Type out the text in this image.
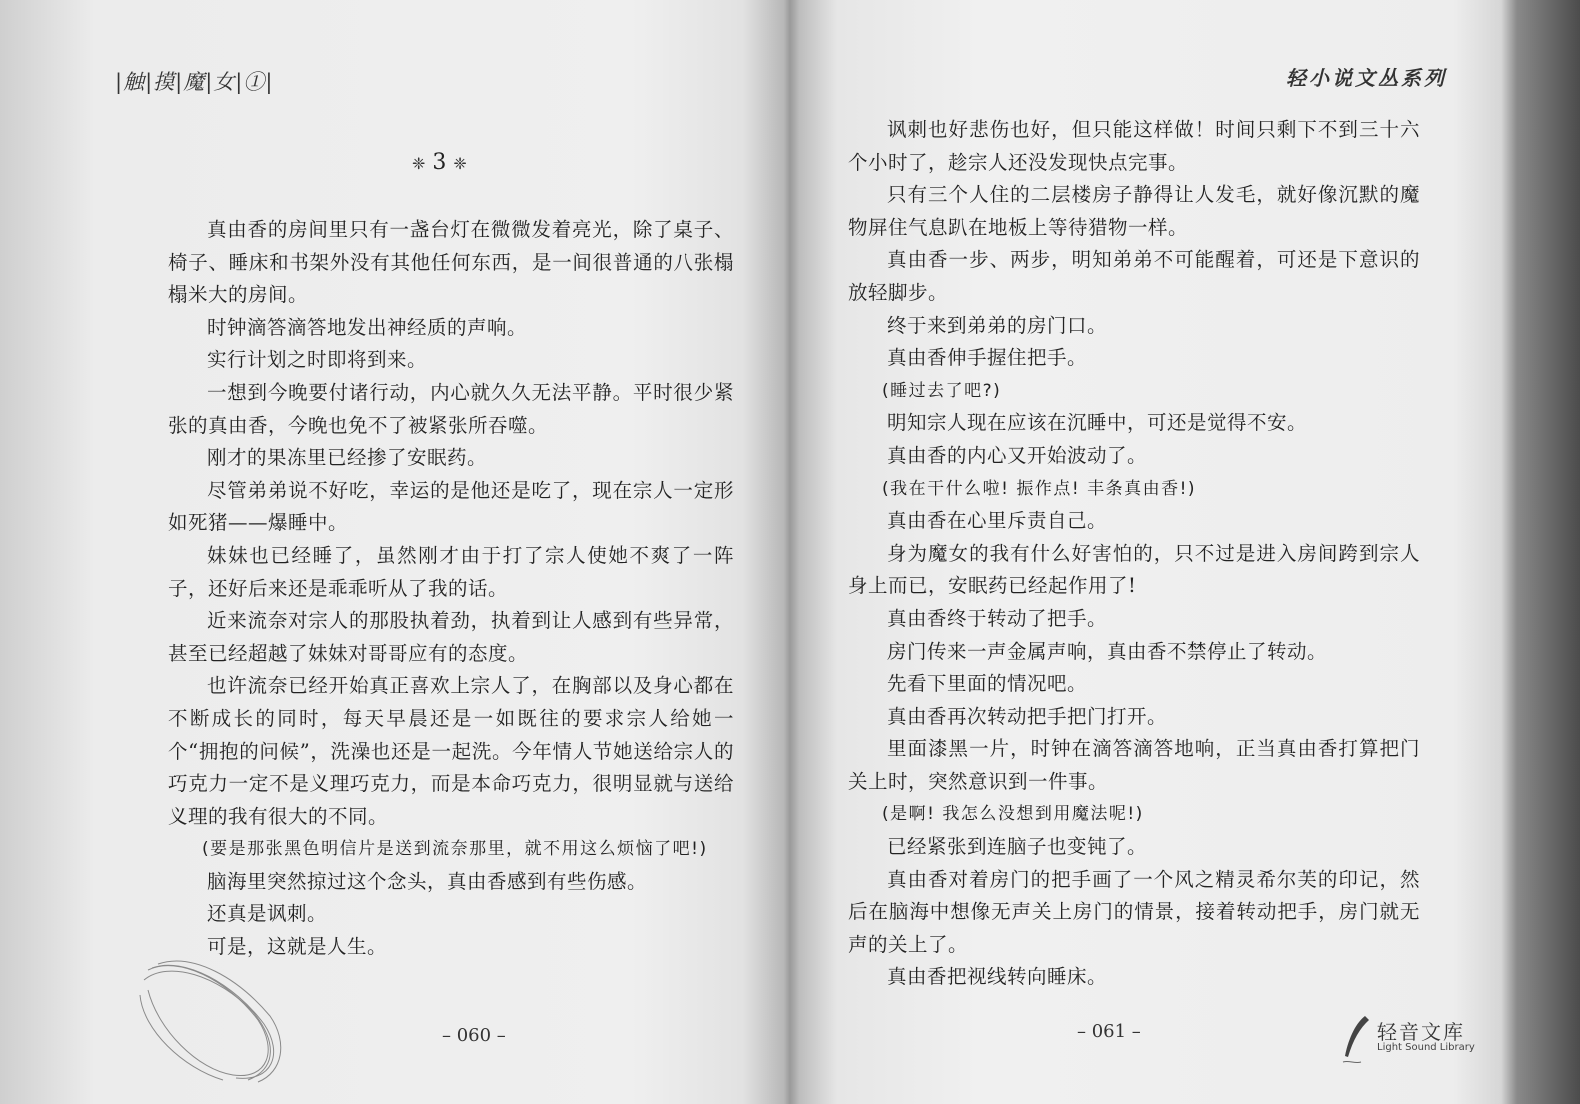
|触|摸|魔|女|①|
❈ 3 ❈

真由香的房间里只有一盏台灯在微微发着亮光，除了桌子、椅子、睡床和书架外没有其他任何东西，是一间很普通的八张榻榻米大的房间。

时钟滴答滴答地发出神经质的声响。

实行计划之时即将到来。

一想到今晚要付诸行动，内心就久久无法平静。平时很少紧张的真由香，今晚也免不了被紧张所吞噬。

刚才的果冻里已经掺了安眠药。

尽管弟弟说不好吃，幸运的是他还是吃了，现在宗人一定形如死猪——爆睡中。

妹妹也已经睡了，虽然刚才由于打了宗人使她不爽了一阵子，还好后来还是乖乖听从了我的话。

近来流奈对宗人的那股执着劲，执着到让人感到有些异常，甚至已经超越了妹妹对哥哥应有的态度。

也许流奈已经开始真正喜欢上宗人了，在胸部以及身心都在不断成长的同时，每天早晨还是一如既往的要求宗人给她一个“拥抱的问候”，洗澡也还是一起洗。今年情人节她送给宗人的巧克力一定不是义理巧克力，而是本命巧克力，很明显就与送给义理的我有很大的不同。

(要是那张黑色明信片是送到流奈那里，就不用这么烦恼了吧!)

脑海里突然掠过这个念头，真由香感到有些伤感。

还真是讽刺。

可是，这就是人生。

– 060 –
轻小说文丛系列

讽刺也好悲伤也好，但只能这样做！时间只剩下不到三十六个小时了，趁宗人还没发现快点完事。

只有三个人住的二层楼房子静得让人发毛，就好像沉默的魔物屏住气息趴在地板上等待猎物一样。

真由香一步、两步，明知弟弟不可能醒着，可还是下意识的放轻脚步。

终于来到弟弟的房门口。

真由香伸手握住把手。

(睡过去了吧?)

明知宗人现在应该在沉睡中，可还是觉得不安。

真由香的内心又开始波动了。

(我在干什么啦! 振作点! 丰条真由香!)

真由香在心里斥责自己。

身为魔女的我有什么好害怕的，只不过是进入房间跨到宗人身上而已，安眠药已经起作用了!

真由香终于转动了把手。

房门传来一声金属声响，真由香不禁停止了转动。

先看下里面的情况吧。

真由香再次转动把手把门打开。

里面漆黑一片，时钟在滴答滴答地响，正当真由香打算把门关上时，突然意识到一件事。

(是啊! 我怎么没想到用魔法呢!)

已经紧张到连脑子也变钝了。

真由香对着房门的把手画了一个风之精灵希尔芙的印记，然后在脑海中想像无声关上房门的情景，接着转动把手，房门就无声的关上了。

真由香把视线转向睡床。

– 061 –	轻音文库
Light Sound Library
